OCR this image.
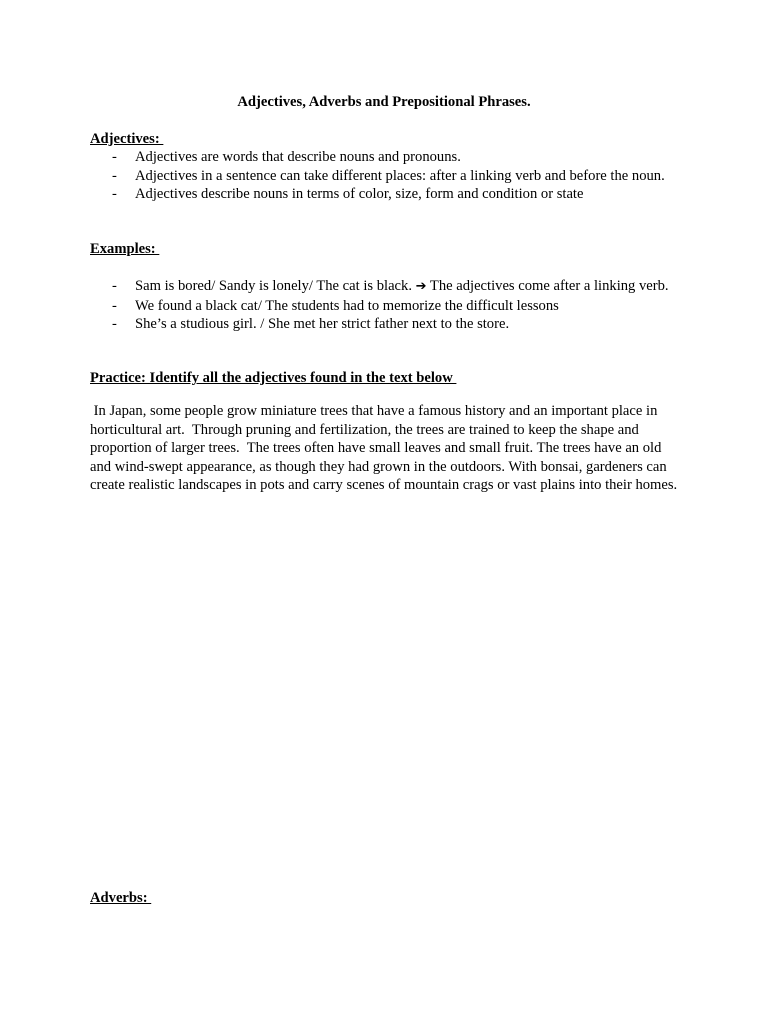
Adjectives, Adverbs and Prepositional Phrases.
Adjectives:
- Adjectives are words that describe nouns and pronouns.
- Adjectives in a sentence can take different places: after a linking verb and before the noun.
- Adjectives describe nouns in terms of color, size, form and condition or state
Examples:
- Sam is bored/ Sandy is lonely/ The cat is black. ➔ The adjectives come after a linking verb.
- We found a black cat/ The students had to memorize the difficult lessons
- She’s a studious girl. / She met her strict father next to the store.
Practice: Identify all the adjectives found in the text below

In Japan, some people grow miniature trees that have a famous history and an important place in horticultural art.  Through pruning and fertilization, the trees are trained to keep the shape and proportion of larger trees.  The trees often have small leaves and small fruit. The trees have an old and wind-swept appearance, as though they had grown in the outdoors. With bonsai, gardeners can create realistic landscapes in pots and carry scenes of mountain crags or vast plains into their homes.

Adverbs:
